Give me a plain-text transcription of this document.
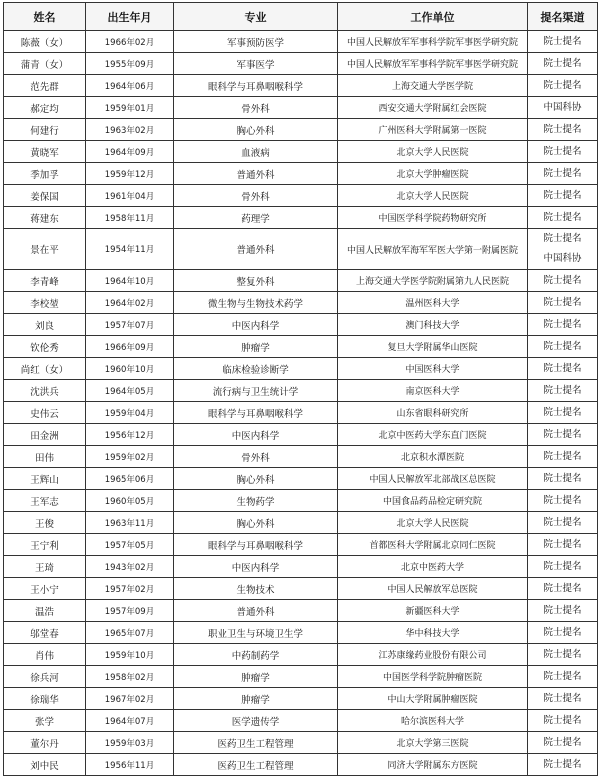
姓名	出生年月	专业	工作单位	提名渠道
陈薇（女）	1966年02月	军事预防医学	中国人民解放军军事科学院军事医学研究院	院士提名

蒲青（女）	1955年09月	军事医学	中国人民解放军军事科学院军事医学研究院	院士提名

范先群	1964年06月	眼科学与耳鼻咽喉科学	上海交通大学医学院	院士提名

郝定均	1959年01月	骨外科	西安交通大学附属红会医院	中国科协

何建行	1963年02月	胸心外科	广州医科大学附属第一医院	院士提名

黄晓军	1964年09月	血液病	北京大学人民医院	院士提名

季加孚	1959年12月	普通外科	北京大学肿瘤医院	院士提名

姜保国	1961年04月	骨外科	北京大学人民医院	院士提名

蒋建东	1958年11月	药理学	中国医学科学院药物研究所	院士提名

景在平	1954年11月	普通外科	中国人民解放军海军军医大学第一附属医院	院士提名
中国科协

李青峰	1964年10月	整复外科	上海交通大学医学院附属第九人民医院	院士提名

李校堃	1964年02月	微生物与生物技术药学	温州医科大学	院士提名

刘良	1957年07月	中医内科学	澳门科技大学	院士提名

钦伦秀	1966年09月	肿瘤学	复旦大学附属华山医院	院士提名

尚红（女）	1960年10月	临床检验诊断学	中国医科大学	院士提名

沈洪兵	1964年05月	流行病与卫生统计学	南京医科大学	院士提名

史伟云	1959年04月	眼科学与耳鼻咽喉科学	山东省眼科研究所	院士提名

田金洲	1956年12月	中医内科学	北京中医药大学东直门医院	院士提名

田伟	1959年02月	骨外科	北京积水潭医院	院士提名

王辉山	1965年06月	胸心外科	中国人民解放军北部战区总医院	院士提名

王军志	1960年05月	生物药学	中国食品药品检定研究院	院士提名

王俊	1963年11月	胸心外科	北京大学人民医院	院士提名

王宁利	1957年05月	眼科学与耳鼻咽喉科学	首都医科大学附属北京同仁医院	院士提名

王琦	1943年02月	中医内科学	北京中医药大学	院士提名

王小宁	1957年02月	生物技术	中国人民解放军总医院	院士提名

温浩	1957年09月	普通外科	新疆医科大学	院士提名

邬堂春	1965年07月	职业卫生与环境卫生学	华中科技大学	院士提名

肖伟	1959年10月	中药制药学	江苏康缘药业股份有限公司	院士提名

徐兵河	1958年02月	肿瘤学	中国医学科学院肿瘤医院	院士提名

徐瑞华	1967年02月	肿瘤学	中山大学附属肿瘤医院	院士提名

张学	1964年07月	医学遗传学	哈尔滨医科大学	院士提名

董尔丹	1959年03月	医药卫生工程管理	北京大学第三医院	院士提名

刘中民	1956年11月	医药卫生工程管理	同济大学附属东方医院	院士提名
